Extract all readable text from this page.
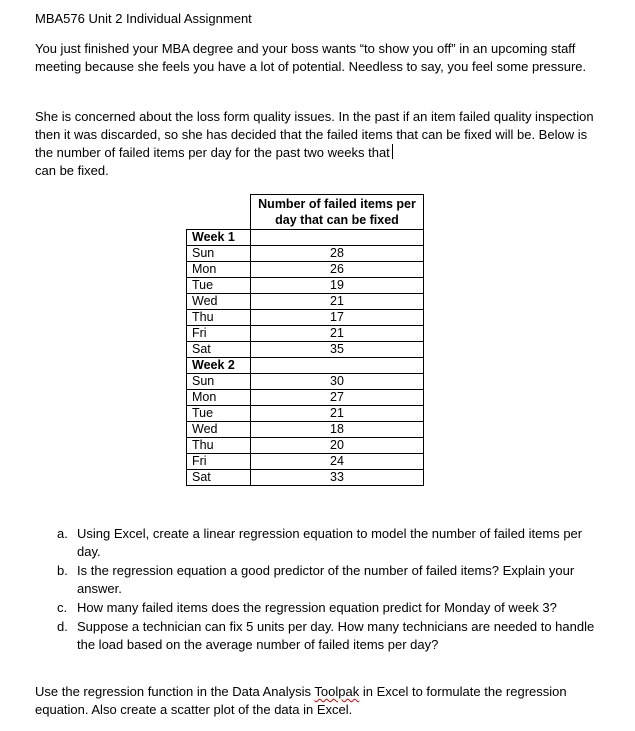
MBA576 Unit 2 Individual Assignment

You just finished your MBA degree and your boss wants “to show you off” in an upcoming staff meeting because she feels you have a lot of potential. Needless to say, you feel some pressure.

She is concerned about the loss form quality issues. In the past if an item failed quality inspection then it was discarded, so she has decided that the failed items that can be fixed will be. Below is the number of failed items per day for the past two weeks that
can be fixed.

	Number of failed items per day that can be fixed
Week 1	
Sun	28
Mon	26
Tue	19
Wed	21
Thu	17
Fri	21
Sat	35
Week 2	
Sun	30
Mon	27
Tue	21
Wed	18
Thu	20
Fri	24
Sat	33
a. Using Excel, create a linear regression equation to model the number of failed items per day.
b. Is the regression equation a good predictor of the number of failed items? Explain your answer.
c. How many failed items does the regression equation predict for Monday of week 3?
d. Suppose a technician can fix 5 units per day. How many technicians are needed to handle the load based on the average number of failed items per day?

Use the regression function in the Data Analysis Toolpak in Excel to formulate the regression equation. Also create a scatter plot of the data in Excel.
